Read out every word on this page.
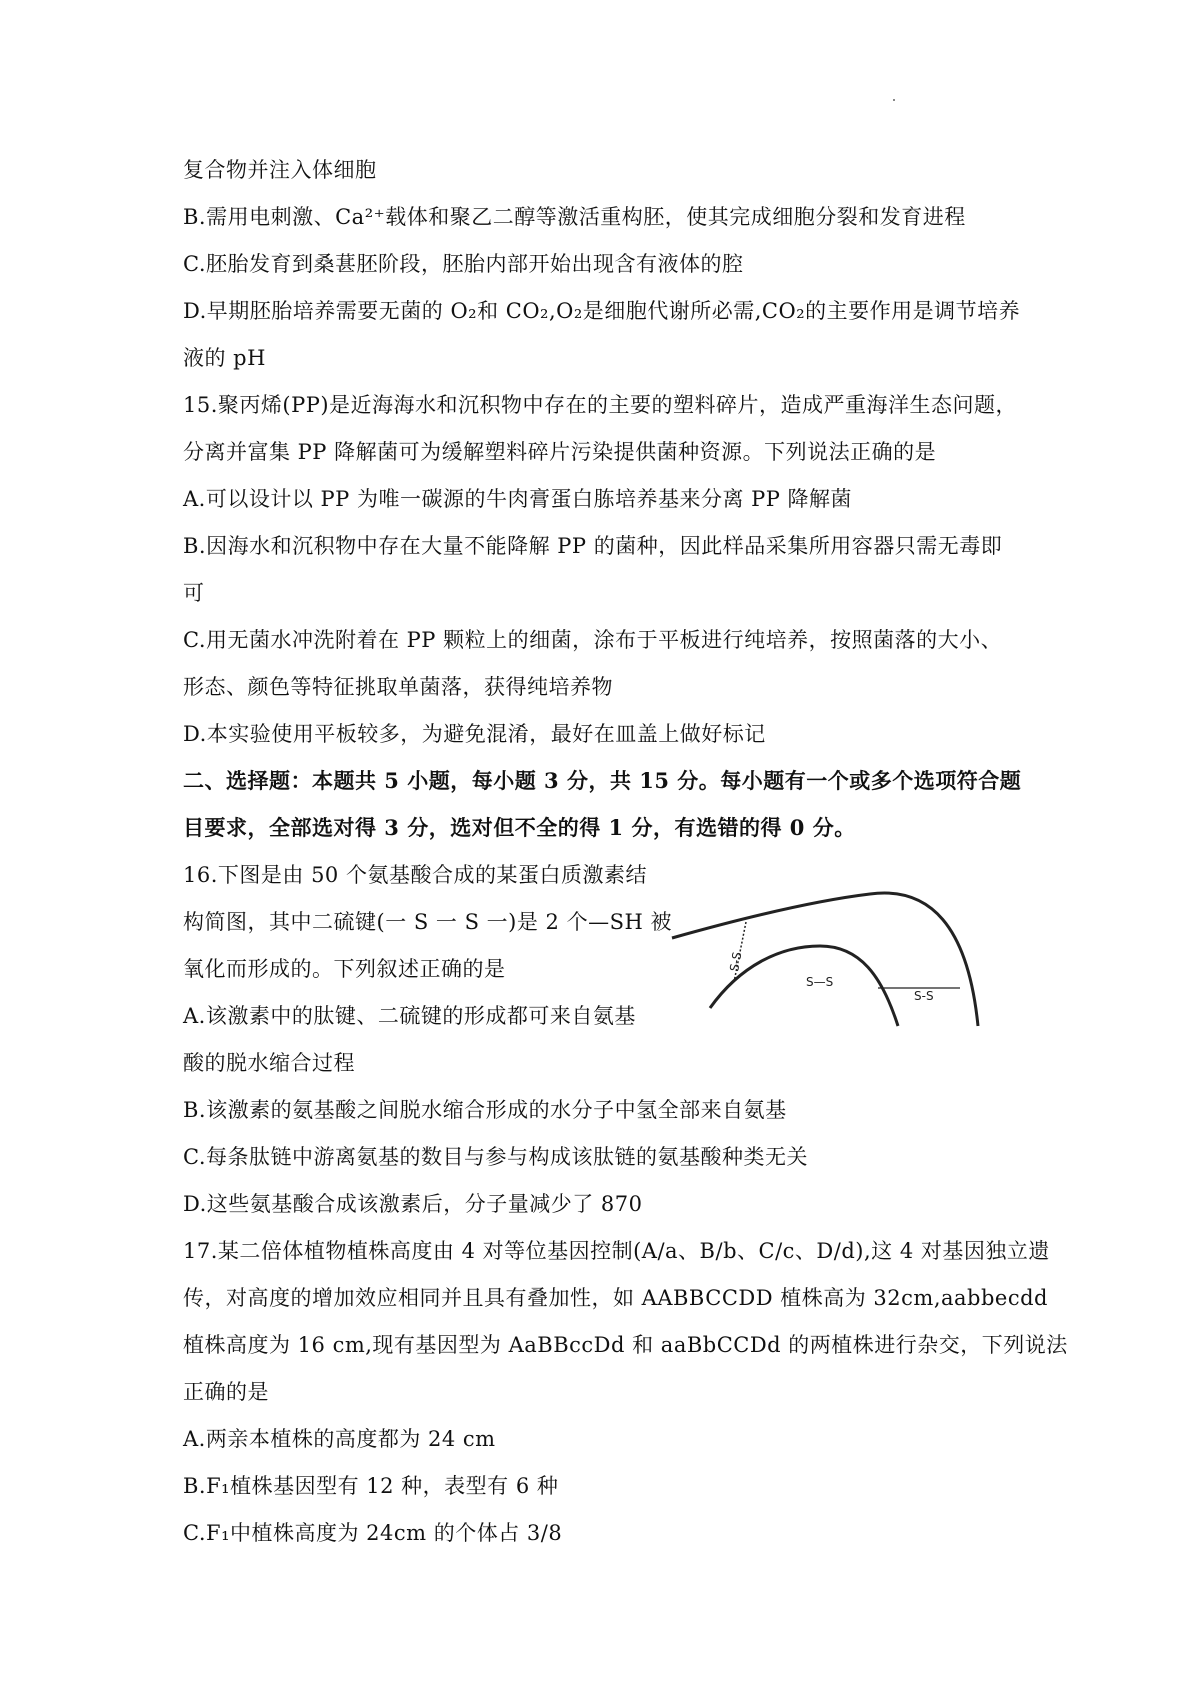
复合物并注入体细胞
B.需用电刺激、Ca²⁺载体和聚乙二醇等激活重构胚，使其完成细胞分裂和发育进程
C.胚胎发育到桑葚胚阶段，胚胎内部开始出现含有液体的腔
D.早期胚胎培养需要无菌的 O₂和 CO₂,O₂是细胞代谢所必需,CO₂的主要作用是调节培养
液的 pH
15.聚丙烯(PP)是近海海水和沉积物中存在的主要的塑料碎片，造成严重海洋生态问题，
分离并富集 PP 降解菌可为缓解塑料碎片污染提供菌种资源。下列说法正确的是
A.可以设计以 PP 为唯一碳源的牛肉膏蛋白胨培养基来分离 PP 降解菌
B.因海水和沉积物中存在大量不能降解 PP 的菌种，因此样品采集所用容器只需无毒即
可
C.用无菌水冲洗附着在 PP 颗粒上的细菌，涂布于平板进行纯培养，按照菌落的大小、
形态、颜色等特征挑取单菌落，获得纯培养物
D.本实验使用平板较多，为避免混淆，最好在皿盖上做好标记
二、选择题：本题共 5 小题，每小题 3 分，共 15 分。每小题有一个或多个选项符合题
目要求，全部选对得 3 分，选对但不全的得 1 分，有选错的得 0 分。
16.下图是由 50 个氨基酸合成的某蛋白质激素结
构简图，其中二硫键(一 S 一 S 一)是 2 个—SH 被
氧化而形成的。下列叙述正确的是
A.该激素中的肽键、二硫键的形成都可来自氨基
酸的脱水缩合过程
B.该激素的氨基酸之间脱水缩合形成的水分子中氢全部来自氨基
C.每条肽链中游离氨基的数目与参与构成该肽链的氨基酸种类无关
D.这些氨基酸合成该激素后，分子量减少了 870
17.某二倍体植物植株高度由 4 对等位基因控制(A/a、B/b、C/c、D/d),这 4 对基因独立遗
传，对高度的增加效应相同并且具有叠加性，如 AABBCCDD 植株高为 32cm,aabbecdd
植株高度为 16 cm,现有基因型为 AaBBccDd 和 aaBbCCDd 的两植株进行杂交，下列说法
正确的是
A.两亲本植株的高度都为 24 cm
B.F₁植株基因型有 12 种，表型有 6 种
C.F₁中植株高度为 24cm 的个体占 3/8
S-S
S—S
S-S
